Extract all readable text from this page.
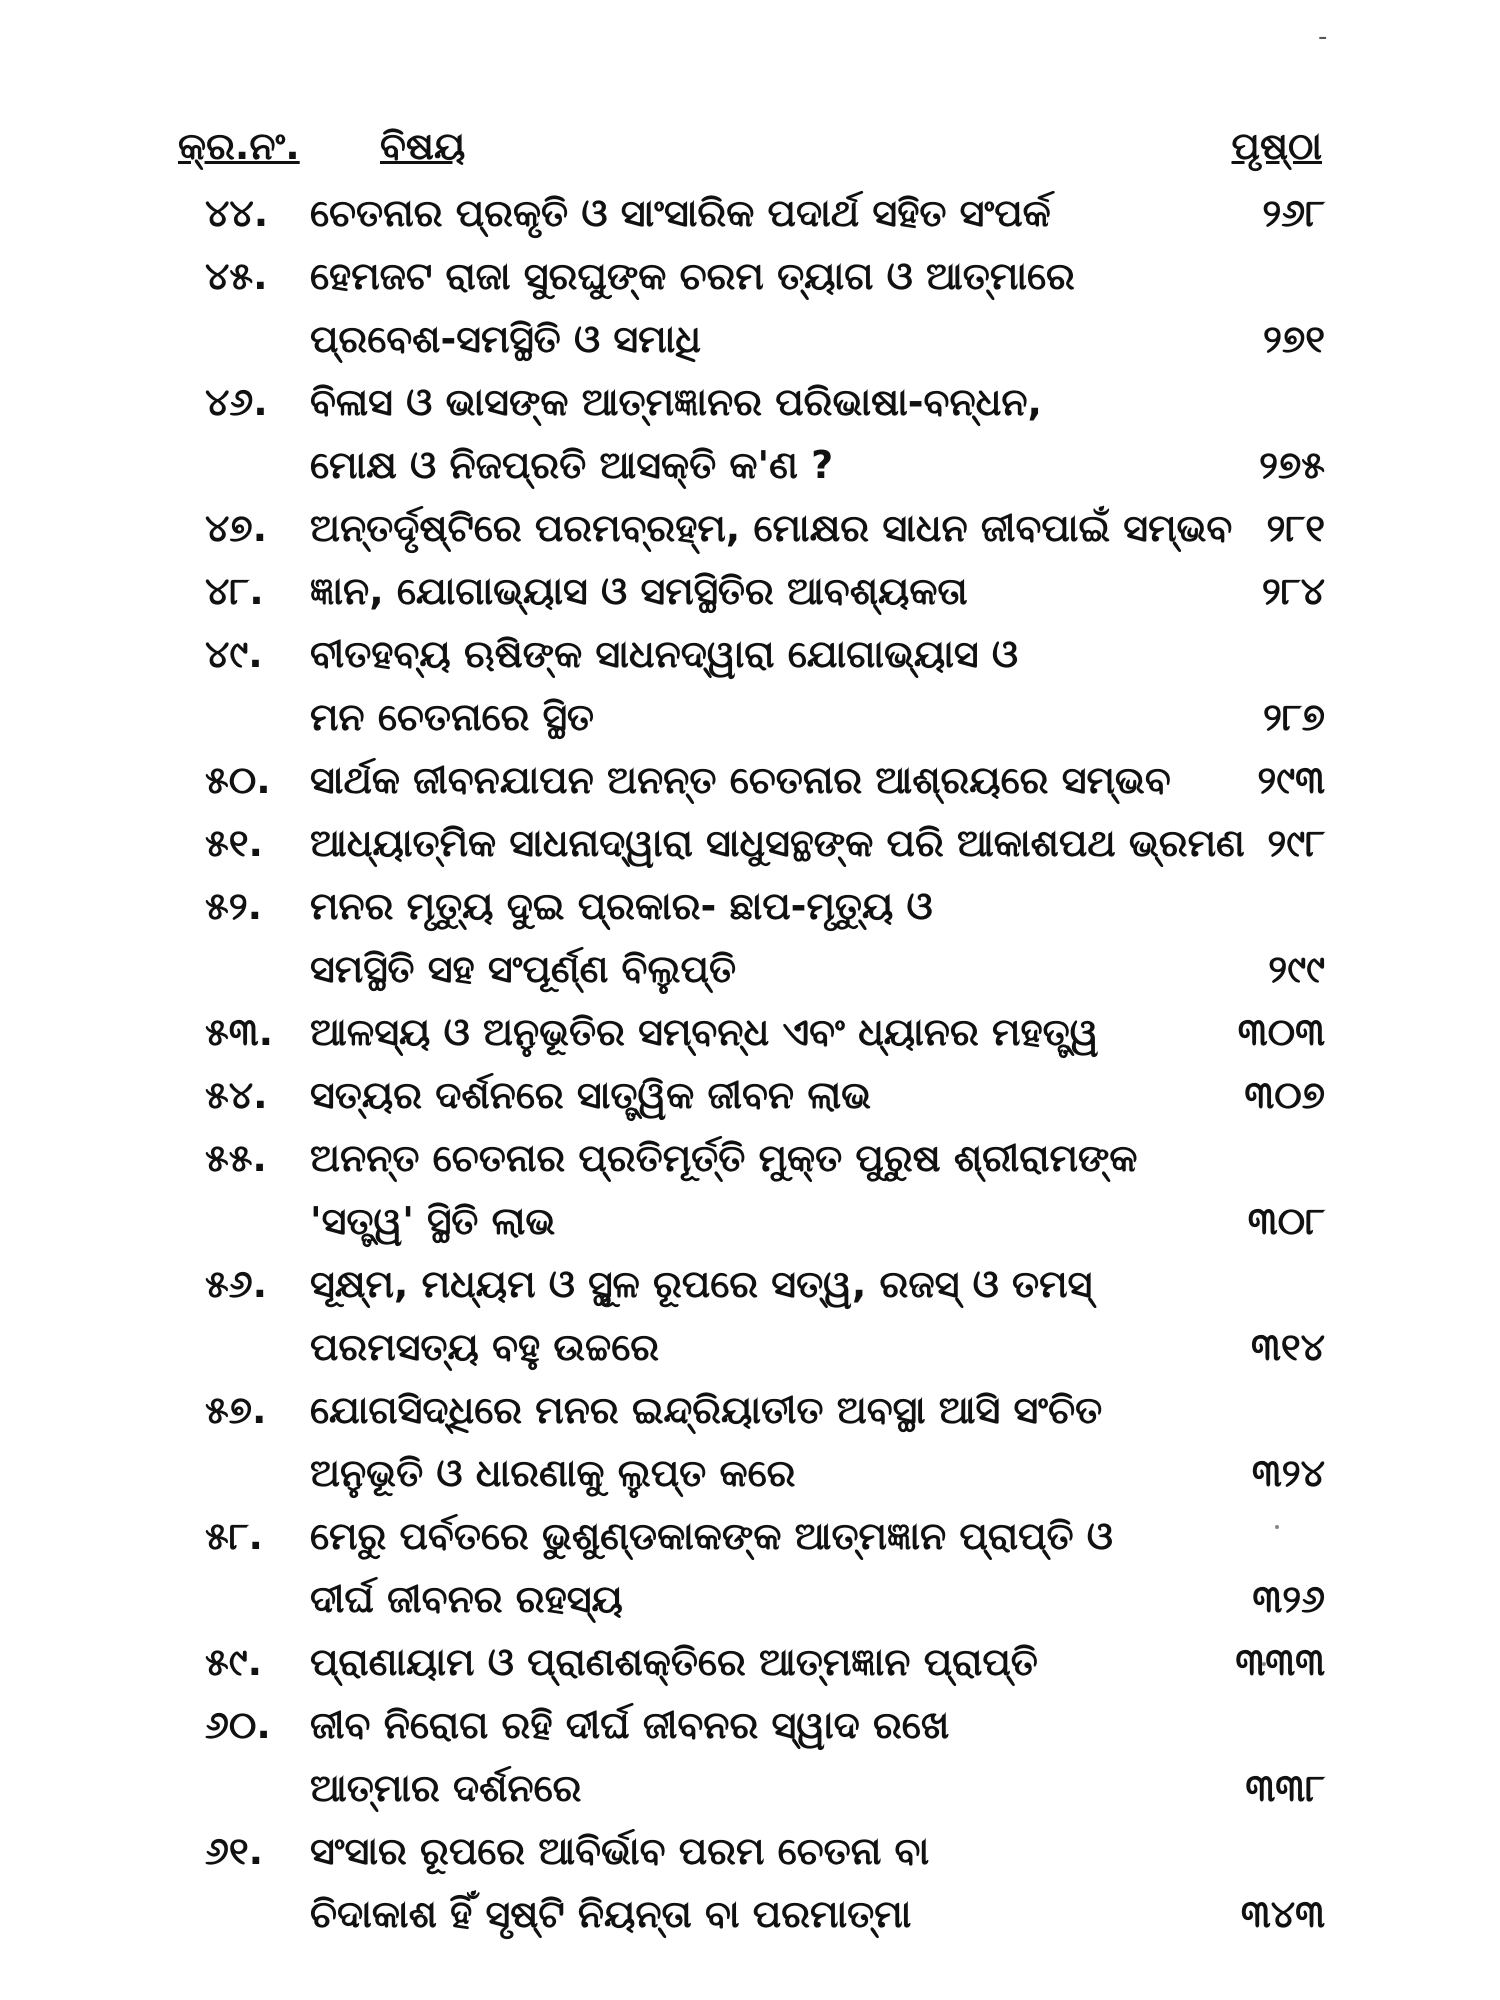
-
କ୍ର.ନଂ. ବିଷୟ	ପୃଷ୍ଠା
୪୪. ଚେତନାର ପ୍ରକୃତି ଓ ସାଂସାରିକ ପଦାର୍ଥ ସହିତ ସଂପର୍କ	୨୬୮
୪୫. ହେମଜଟ ରାଜା ସୁରଘୁଙ୍କ ଚରମ ତ୍ୟାଗ ଓ ଆତ୍ମାରେ
ପ୍ରବେଶ-ସମସ୍ଥିତି ଓ ସମାଧି	୨୭୧
୪୬. ବିଳାସ ଓ ଭାସଙ୍କ ଆତ୍ମଜ୍ଞାନର ପରିଭାଷା-ବନ୍ଧନ,
ମୋକ୍ଷ ଓ ନିଜପ୍ରତି ଆସକ୍ତି କ'ଣ ?	୨୭୫
୪୭. ଅନ୍ତର୍ଦୃଷ୍ଟିରେ ପରମବ୍ରହ୍ମ, ମୋକ୍ଷର ସାଧନ ଜୀବପାଇଁ ସମ୍ଭବ ୨୮୧
୪୮. ଜ୍ଞାନ, ଯୋଗାଭ୍ୟାସ ଓ ସମସ୍ଥିତିର ଆବଶ୍ୟକତା	୨୮୪
୪୯. ବୀତହବ୍ୟ ଋଷିଙ୍କ ସାଧନଦ୍ୱାରା ଯୋଗାଭ୍ୟାସ ଓ
ମନ ଚେତନାରେ ସ୍ଥିତ	୨୮୭
୫୦. ସାର୍ଥକ ଜୀବନଯାପନ ଅନନ୍ତ ଚେତନାର ଆଶ୍ରୟରେ ସମ୍ଭବ ୨୯୩
୫୧. ଆଧ୍ୟାତ୍ମିକ ସାଧନାଦ୍ୱାରା ସାଧୁସନ୍ଥଙ୍କ ପରି ଆକାଶପଥ ଭ୍ରମଣ ୨୯୮
୫୨. ମନର ମୃତ୍ୟୁ ଦୁଇ ପ୍ରକାର- ଛାପ-ମୃତ୍ୟୁ ଓ
ସମସ୍ଥିତି ସହ ସଂପୂର୍ଣ୍ଣ ବିଲୁପ୍ତି	୨୯୯
୫୩. ଆଳସ୍ୟ ଓ ଅନୁଭୂତିର ସମ୍ବନ୍ଧ ଏବଂ ଧ୍ୟାନର ମହତ୍ତ୍ୱ	୩୦୩
୫୪. ସତ୍ୟର ଦର୍ଶନରେ ସାତ୍ତ୍ୱିକ ଜୀବନ ଲାଭ	୩୦୭
୫୫. ଅନନ୍ତ ଚେତନାର ପ୍ରତିମୂର୍ତ୍ତି ମୁକ୍ତ ପୁରୁଷ ଶ୍ରୀରାମଙ୍କ
'ସତ୍ତ୍ୱ' ସ୍ଥିତି ଲାଭ	୩୦୮
୫୬. ସୂକ୍ଷ୍ମ, ମଧ୍ୟମ ଓ ସ୍ଥୂଳ ରୂପରେ ସତ୍ୱ, ରଜସ୍ ଓ ତମସ୍
ପରମସତ୍ୟ ବହୁ ଉଚ୍ଚରେ	୩୧୪
୫୭. ଯୋଗସିଦ୍ଧିରେ ମନର ଇନ୍ଦ୍ରିୟାତୀତ ଅବସ୍ଥା ଆସି ସଂଚିତ
ଅନୁଭୂତି ଓ ଧାରଣାକୁ ଲୁପ୍ତ କରେ	୩୨୪
୫୮. ମେରୁ ପର୍ବତରେ ଭୁଶୁଣ୍ଡକାକଙ୍କ ଆତ୍ମଜ୍ଞାନ ପ୍ରାପ୍ତି ଓ
ଦୀର୍ଘ ଜୀବନର ରହସ୍ୟ	୩୨୬
୫୯. ପ୍ରାଣାୟାମ ଓ ପ୍ରାଣଶକ୍ତିରେ ଆତ୍ମଜ୍ଞାନ ପ୍ରାପ୍ତି	୩୩୩
୬୦. ଜୀବ ନିରୋଗ ରହି ଦୀର୍ଘ ଜୀବନର ସ୍ୱାଦ ରଖେ
ଆତ୍ମାର ଦର୍ଶନରେ	୩୩୮
୬୧. ସଂସାର ରୂପରେ ଆବିର୍ଭାବ ପରମ ଚେତନା ବା
ଚିଦାକାଶ ହିଁ ସୃଷ୍ଟି ନିୟନ୍ତା ବା ପରମାତ୍ମା	୩୪୩
